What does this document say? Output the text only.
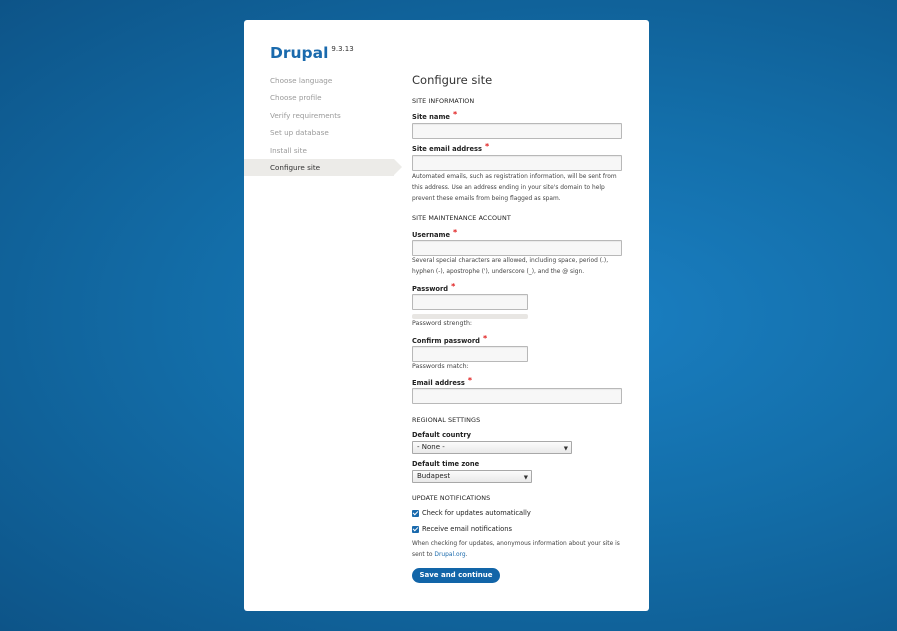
Drupal $^{9.3.13}$
Choose language
Choose profile
Verify requirements
Set up database
Install site
Configure site
Configure site
SITE INFORMATION
Site name *
Site email address *
Automated emails, such as registration information, will be sent from this address. Use an address ending in your site's domain to help prevent these emails from being flagged as spam.
SITE MAINTENANCE ACCOUNT
Username *
Several special characters are allowed, including space, period (.), hyphen (-), apostrophe ('), underscore (_), and the @ sign.
Password *
Password strength:
Confirm password *
Passwords match:
Email address *
REGIONAL SETTINGS
Default country
- None -	▼
Default time zone
Budapest	▼
UPDATE NOTIFICATIONS
Check for updates automatically
Receive email notifications
When checking for updates, anonymous information about your site is sent to Drupal.org.
Save and continue
